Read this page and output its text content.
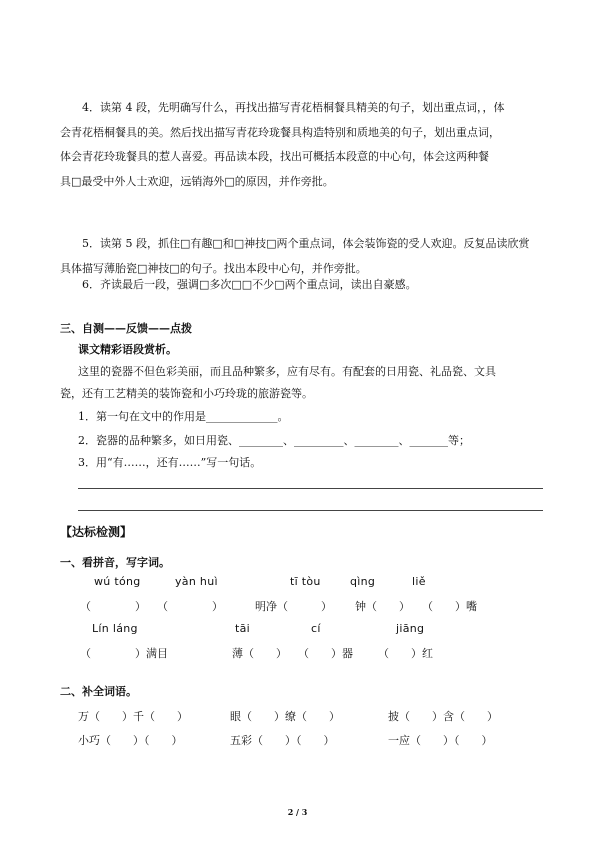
4．读第 4 段，先明确写什么，再找出描写青花梧桐餐具精美的句子，划出重点词，，体
会青花梧桐餐具的美。然后找出描写青花玲珑餐具构造特别和质地美的句子，划出重点词，
体会青花玲珑餐具的惹人喜爱。再品读本段，找出可概括本段意的中心句，体会这两种餐
具□最受中外人士欢迎，远销海外□的原因，并作旁批。
5．读第 5 段，抓住□有趣□和□神技□两个重点词，体会装饰瓷的受人欢迎。反复品读欣赏
具体描写薄胎瓷□神技□的句子。找出本段中心句，并作旁批。
6．齐读最后一段，强调□多次□□不少□两个重点词，读出自豪感。
三、自测——反馈——点拨
课文精彩语段赏析。
这里的瓷器不但色彩美丽，而且品种繁多，应有尽有。有配套的日用瓷、礼品瓷、文具
瓷，还有工艺精美的装饰瓷和小巧玲珑的旅游瓷等。
1．第一句在文中的作用是_____________。
2．瓷器的品种繁多，如日用瓷、________、_________、________、_______等；
3．用“有……，还有……”写一句话。
【达标检测】
一、看拼音，写字词。
wú tóng	yàn huì	tī tòu	qìng	liě
（　　　　） （　　　　）	明净（　　　） 钟（　　） （　　）嘴
Lín láng	tāi	cí	jiāng
（　　　　）满目	薄（　　） （　　）器 （　　）红
二、补全词语。
万（　　）千（　　）	眼（　　）缭（　　）	披（　　）含（　　）
小巧（　　）（　　）	五彩（　　）（　　）	一应（　　）（　　）
2 / 3
